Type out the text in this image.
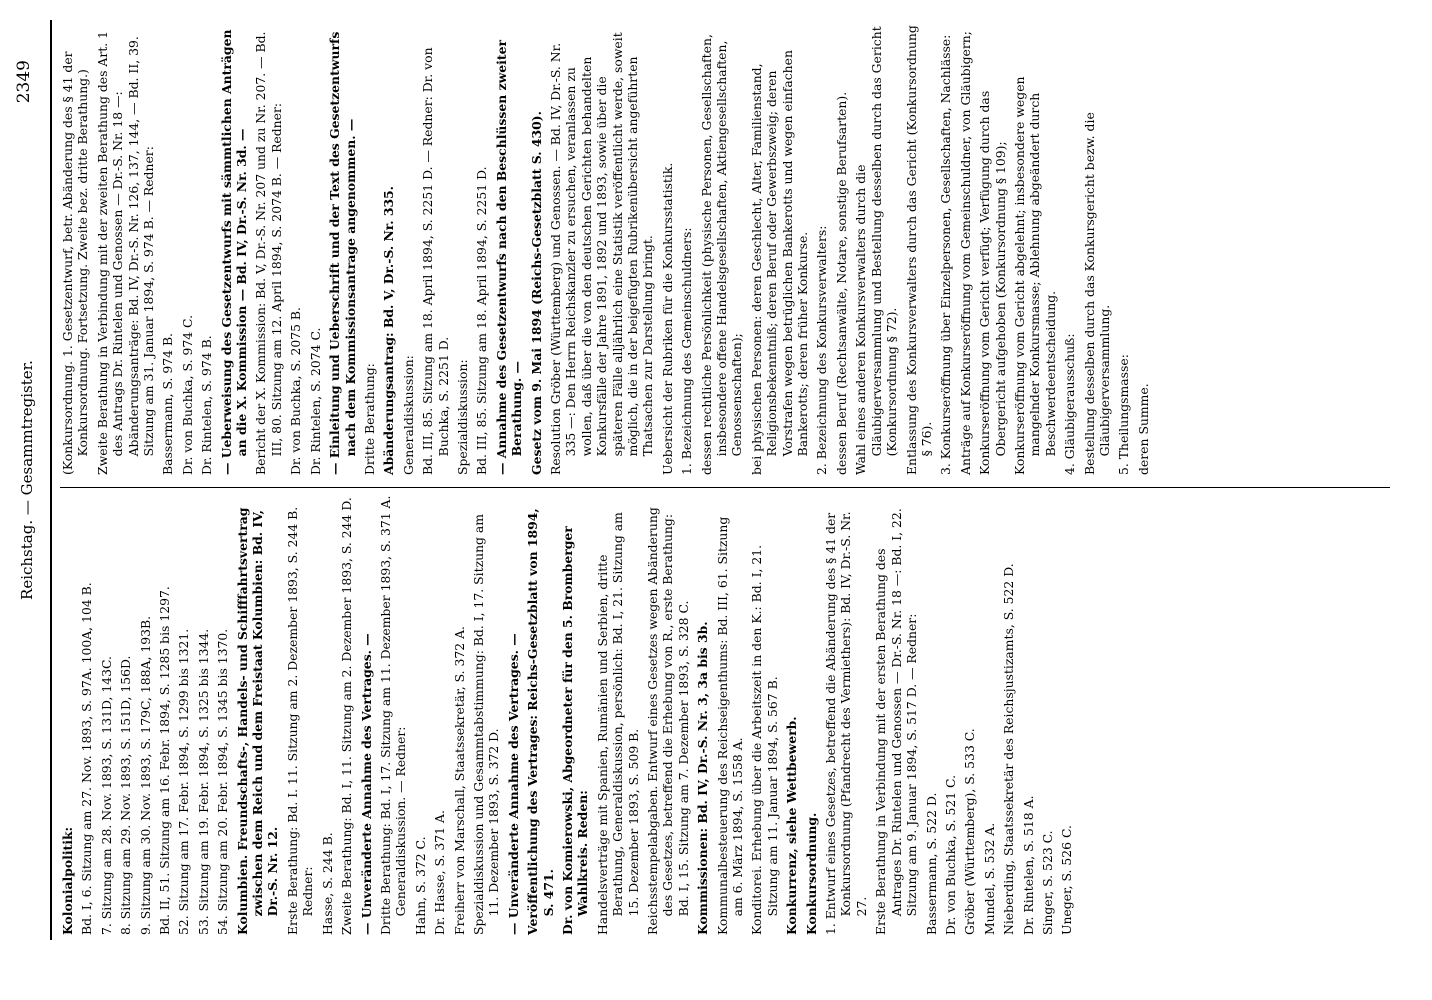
Reichstag. — Gesammtregister.
2349

Kolonialpolitik: Bd. I, 6. Sitzung am 27. Nov. 1893, S. 97A. 100A, 104 B. 7. Sitzung am 28. Nov. 1893, S. 131D, 143C. 8. Sitzung am 29. Nov. 1893, S. 151D, 156D. 9. Sitzung am 30. Nov. 1893, S. 179C, 188A, 193B. Bd. II, 51. Sitzung am 16. Febr. 1894, S. 1285 bis 1297. 52. Sitzung am 17. Febr. 1894, S. 1299 bis 1321. 53. Sitzung am 19. Febr. 1894, S. 1325 bis 1344. 54. Sitzung am 20. Febr. 1894, S. 1345 bis 1370. Kolumbien. Freundschafts-, Handels- und Schifffahrtsvertrag zwischen dem Reich und dem Freistaat Kolumbien: Bd. IV, Dr.-S. Nr. 12. Erste Berathung: Bd. I. 11. Sitzung am 2. Dezember 1893, S. 244 B. Redner: Hasse, S. 244 B. Zweite Berathung: Bd. I, 11. Sitzung am 2. Dezember 1893, S. 244 D. — Unveränderte Annahme des Vertrages. — Dritte Berathung: Bd. I, 17. Sitzung am 11. Dezember 1893, S. 371 A. Generaldiskussion. — Redner: Hahn, S. 372 C. Dr. Hasse, S. 371 A. Freiherr von Marschall, Staatssekretär, S. 372 A. Spezialdiskussion und Gesammtabstimmung: Bd. I, 17. Sitzung am 11. Dezember 1893, S. 372 D. — Unveränderte Annahme des Vertrages. — Veröffentlichung des Vertrages: Reichs-Gesetzblatt von 1894, S. 471. Dr. von Komierowski, Abgeordneter für den 5. Bromberger Wahlkreis. Reden: Handelsverträge mit Spanien, Rumänien und Serbien, dritte Berathung, Generaldiskussion, persönlich: Bd. I, 21. Sitzung am 15. Dezember 1893, S. 509 B. Reichsstempelabgaben. Entwurf eines Gesetzes wegen Abänderung des Gesetzes, betreffend die Erhebung von R., erste Berathung: Bd. I, 15. Sitzung am 7. Dezember 1893, S. 328 C. Kommissionen: Bd. IV, Dr.-S. Nr. 3, 3a bis 3b. Kommunalbesteuerung des Reichseigenthums: Bd. III, 61. Sitzung am 6. März 1894, S. 1558 A. Konditorei. Erhebung über die Arbeitszeit in den K.: Bd. I, 21. Sitzung am 11. Januar 1894, S. 567 B. Konkurrenz, siehe Wettbewerb. Konkursordnung. 1. Entwurf eines Gesetzes, betreffend die Abänderung des § 41 der Konkursordnung (Pfandrecht des Vermiethers): Bd. IV, Dr.-S. Nr. 27. Erste Berathung in Verbindung mit der ersten Berathung des Antrages Dr. Rintelen und Genossen — Dr.-S. Nr. 18 —: Bd. I, 22. Sitzung am 9. Januar 1894, S. 517 D. — Redner: Bassermann, S. 522 D. Dr. von Buchka, S. 521 C. Gröber (Württemberg), S. 533 C. Mundel, S. 532 A. Nieberding, Staatssekretär des Reichsjustizamts, S. 522 D. Dr. Rintelen, S. 518 A. Singer, S. 523 C. Uneger, S. 526 C.

(Konkursordnung. 1. Gesetzentwurf, betr. Abänderung des § 41 der Konkursordnung. Fortsetzung. Zweite bez. dritte Berathung.) Zweite Berathung in Verbindung mit der zweiten Berathung des Art. 1 des Antrags Dr. Rintelen und Genossen — Dr.-S. Nr. 18 —: Abänderungsanträge: Bd. IV, Dr.-S. Nr. 126, 137, 144, — Bd. II, 39. Sitzung am 31. Januar 1894, S. 974 B. — Redner: Bassermann, S. 974 B. Dr. von Buchka, S. 974 C. Dr. Rintelen, S. 974 B. — Ueberweisung des Gesetzentwurfs mit sämmtlichen Anträgen an die X. Kommission — Bd. IV, Dr.-S. Nr. 3d. — Bericht der X. Kommission: Bd. V, Dr.-S. Nr. 207 und zu Nr. 207. — Bd. III, 80. Sitzung am 12. April 1894, S. 2074 B. — Redner: Dr. von Buchka, S. 2075 B. Dr. Rintelen, S. 2074 C. — Einleitung und Ueberschrift und der Text des Gesetzentwurfs nach dem Kommissionsantrage angenommen. — Dritte Berathung: Abänderungsantrag: Bd. V, Dr.-S. Nr. 335. Generaldiskussion: Bd. III, 85. Sitzung am 18. April 1894, S. 2251 D. — Redner: Dr. von Buchka, S. 2251 D. Spezialdiskussion: Bd. III, 85. Sitzung am 18. April 1894, S. 2251 D. — Annahme des Gesetzentwurfs nach den Beschlüssen zweiter Berathung. — Gesetz vom 9. Mai 1894 (Reichs-Gesetzblatt S. 430). Resolution Gröber (Württemberg) und Genossen. — Bd. IV, Dr.-S. Nr. 335 —: Den Herrn Reichskanzler zu ersuchen, veranlassen zu wollen, daß über die von den deutschen Gerichten behandelten Konkursfälle der Jahre 1891, 1892 und 1893, sowie über die späteren Fälle alljährlich eine Statistik veröffentlicht werde, soweit möglich, die in der beigefügten Rubrikenübersicht angeführten Thatsachen zur Darstellung bringt. Uebersicht der Rubriken für die Konkursstatistik. 1. Bezeichnung des Gemeinschuldners: dessen rechtliche Persönlichkeit (physische Personen, Gesellschaften, insbesondere offene Handelsgesellschaften, Aktiengesellschaften, Genossenschaften); bei physischen Personen: deren Geschlecht, Alter, Familienstand, Religionsbekenntniß; deren Beruf oder Gewerbszweig; deren Vorstrafen wegen betrüglichen Bankerotts und wegen einfachen Bankerotts; deren früher Konkurse. 2. Bezeichnung des Konkursverwalters: dessen Beruf (Rechtsanwälte, Notare, sonstige Berufsarten). Wahl eines anderen Konkursverwalters durch die Gläubigerversammlung und Bestellung desselben durch das Gericht (Konkursordnung § 72). Entlassung des Konkursverwalters durch das Gericht (Konkursordnung § 76). 3. Konkurseröffnung über Einzelpersonen, Gesellschaften, Nachlässe: Anträge auf Konkurseröffnung vom Gemeinschuldner, von Gläubigern; Konkurseröffnung vom Gericht verfügt; Verfügung durch das Obergericht aufgehoben (Konkursordnung § 109); Konkurseröffnung vom Gericht abgelehnt; insbesondere wegen mangelnder Konkursmasse; Ablehnung abgeändert durch Beschwerdeentscheidung. 4. Gläubigerausschuß: Bestellung desselben durch das Konkursgericht bezw. die Gläubigerversammlung. 5. Theilungsmasse: deren Summe.
